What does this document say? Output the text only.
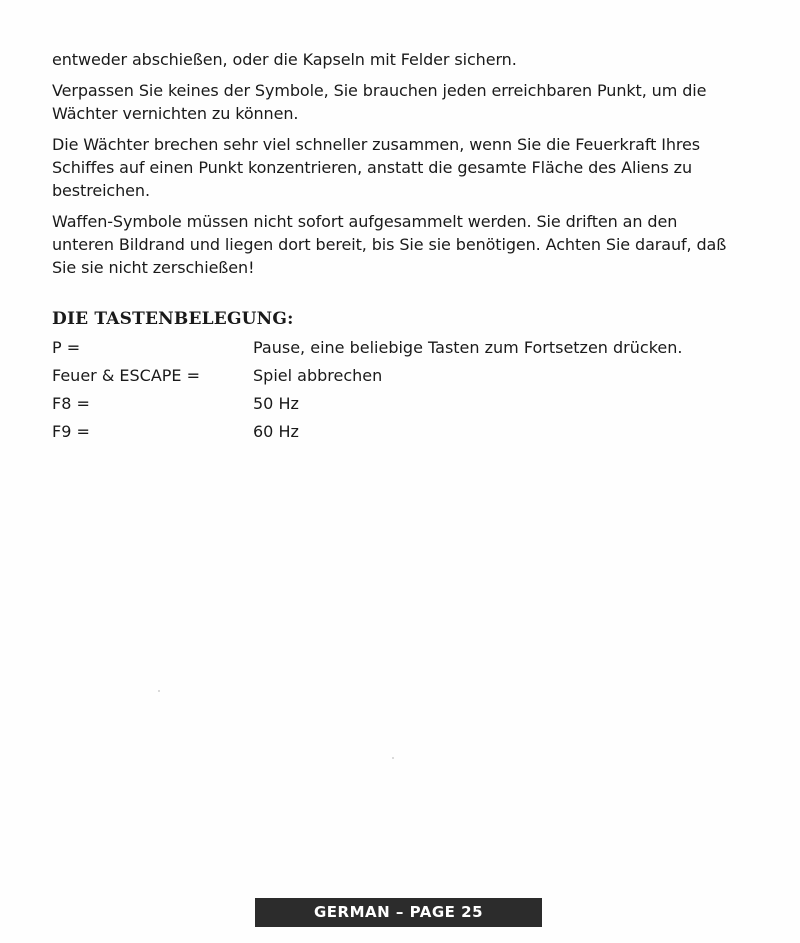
entweder abschießen, oder die Kapseln mit Felder sichern.

Verpassen Sie keines der Symbole, Sie brauchen jeden erreichbaren Punkt, um die Wächter vernichten zu können.

Die Wächter brechen sehr viel schneller zusammen, wenn Sie die Feuerkraft Ihres Schiffes auf einen Punkt konzentrieren, anstatt die gesamte Fläche des Aliens zu bestreichen.

Waffen-Symbole müssen nicht sofort aufgesammelt werden. Sie driften an den unteren Bildrand und liegen dort bereit, bis Sie sie benötigen. Achten Sie darauf, daß Sie sie nicht zerschießen!

DIE TASTENBELEGUNG:
P =	Pause, eine beliebige Tasten zum Fortsetzen drücken.
Feuer & ESCAPE =	Spiel abbrechen
F8 =	50 Hz
F9 =	60 Hz
GERMAN – PAGE 25
